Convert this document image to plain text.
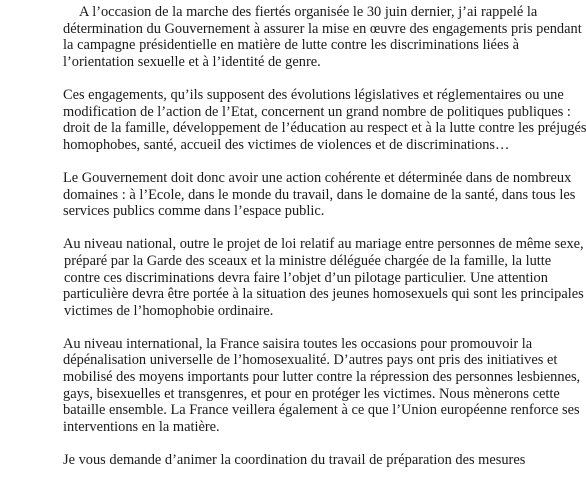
A l’occasion de la marche des fiertés organisée le 30 juin dernier, j’ai rappelé la
détermination du Gouvernement à assurer la mise en œuvre des engagements pris pendant
la campagne présidentielle en matière de lutte contre les discriminations liées à
l’orientation sexuelle et à l’identité de genre.
Ces engagements, qu’ils supposent des évolutions législatives et réglementaires ou une
modification de l’action de l’Etat, concernent un grand nombre de politiques publiques :
droit de la famille, développement de l’éducation au respect et à la lutte contre les préjugés
homophobes, santé, accueil des victimes de violences et de discriminations…
Le Gouvernement doit donc avoir une action cohérente et déterminée dans de nombreux
domaines : à l’Ecole, dans le monde du travail, dans le domaine de la santé, dans tous les
services publics comme dans l’espace public.
Au niveau national, outre le projet de loi relatif au mariage entre personnes de même sexe,
préparé par la Garde des sceaux et la ministre déléguée chargée de la famille, la lutte
contre ces discriminations devra faire l’objet d’un pilotage particulier. Une attention
particulière devra être portée à la situation des jeunes homosexuels qui sont les principales
victimes de l’homophobie ordinaire.
Au niveau international, la France saisira toutes les occasions pour promouvoir la
dépénalisation universelle de l’homosexualité. D’autres pays ont pris des initiatives et
mobilisé des moyens importants pour lutter contre la répression des personnes lesbiennes,
gays, bisexuelles et transgenres, et pour en protéger les victimes. Nous mènerons cette
bataille ensemble. La France veillera également à ce que l’Union européenne renforce ses
interventions en la matière.
Je vous demande d’animer la coordination du travail de préparation des mesures
